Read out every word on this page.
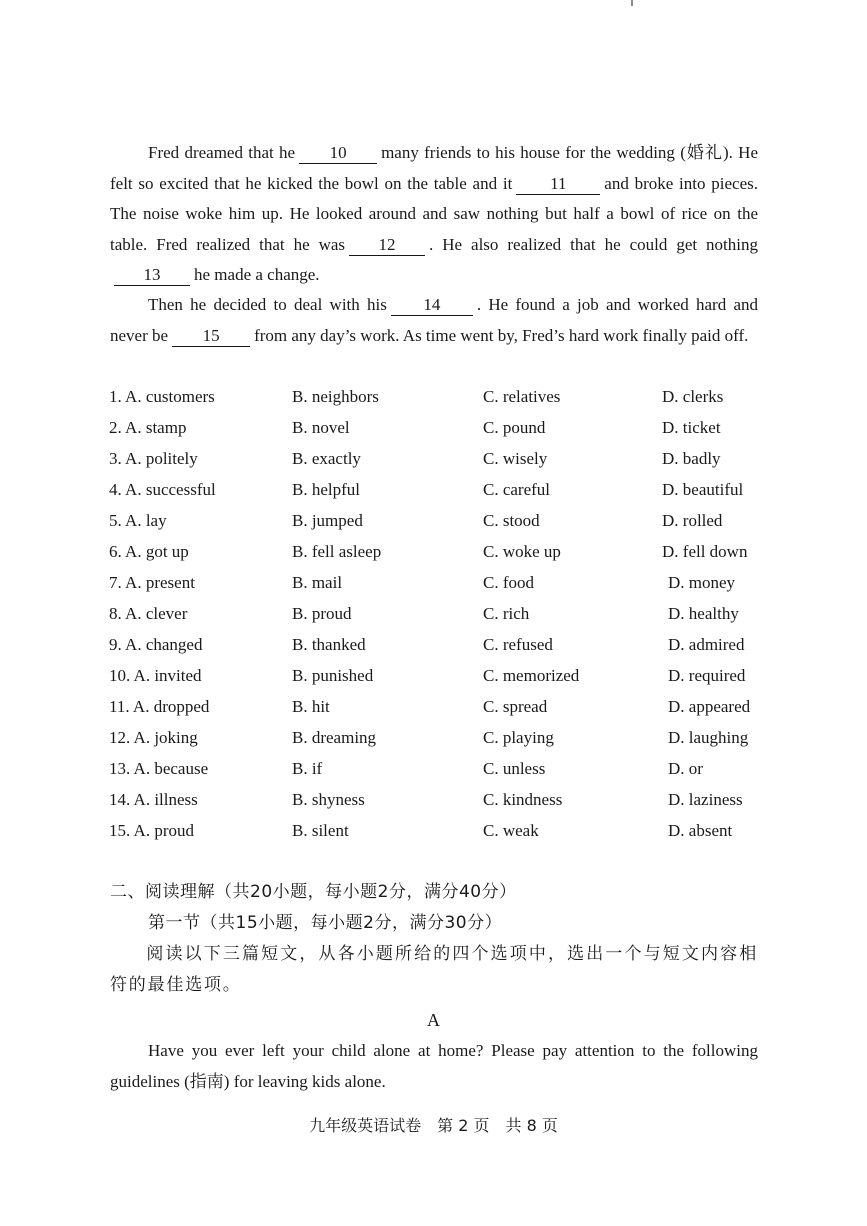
Fred dreamed that he 10 many friends to his house for the wedding (婚礼). He felt so excited that he kicked the bowl on the table and it 11 and broke into pieces. The noise woke him up. He looked around and saw nothing but half a bowl of rice on the table. Fred realized that he was 12 . He also realized that he could get nothing13 he made a change.
Then he decided to deal with his 14 . He found a job and worked hard and never be 15 from any day’s work. As time went by, Fred’s hard work finally paid off.
1. A. customers	B. neighbors	C. relatives	D. clerks
2. A. stamp	B. novel	C. pound	D. ticket
3. A. politely	B. exactly	C. wisely	D. badly
4. A. successful	B. helpful	C. careful	D. beautiful
5. A. lay	B. jumped	C. stood	D. rolled
6. A. got up	B. fell asleep	C. woke up	D. fell down
7. A. present	B. mail	C. food	D. money
8. A. clever	B. proud	C. rich	D. healthy
9. A. changed	B. thanked	C. refused	D. admired
10. A. invited	B. punished	C. memorized	D. required
11. A. dropped	B. hit	C. spread	D. appeared
12. A. joking	B. dreaming	C. playing	D. laughing
13. A. because	B. if	C. unless	D. or
14. A. illness	B. shyness	C. kindness	D. laziness
15. A. proud	B. silent	C. weak	D. absent
二、阅读理解（共20小题，每小题2分，满分40分）
第一节（共15小题，每小题2分，满分30分）
阅读以下三篇短文，从各小题所给的四个选项中，选出一个与短文内容相符的最佳选项。
A
Have you ever left your child alone at home? Please pay attention to the following guidelines (指南) for leaving kids alone.
九年级英语试卷　第 2 页　共 8 页
